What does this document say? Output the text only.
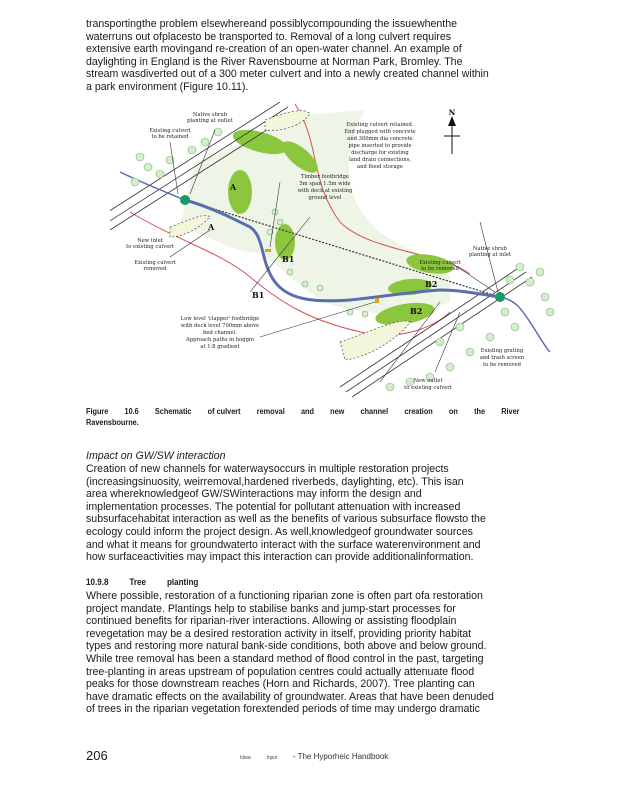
transportingthe problem elsewhereand possiblycompounding the issuewhenthe
waterruns out ofplacesto be transported to. Removal of a long culvert requires
extensive earth movingand re-creation of an open-water channel. An example of
daylighting in England is the River Ravensbourne at Norman Park, Bromley. The
stream wasdiverted out of a 300 meter culvert and into a newly created channel within
a park environment (Figure 10.11).
N
A
A
B1
B1
B2
B2
Native shrub
planting at outlet
Existing culvert
to be retained
Existing culvert retained.
End plugged with concrete
and 300mm dia concrete
pipe inserted to provide
discharge for existing
land drain connections,
and flood storage
Timber footbridge
5m span 1.5m wide
with deck at existing
ground level
New inlet
to existing culvert
Existing culvert
removed
Native shrub
planting at inlet
Existing culvert
to be removed
Low level 'clapper' footbridge
with deck level 700mm above
bed channel.
Approach paths in hoggin
at 1:8 gradient
Existing grating
and trash screen
to be removed
New outlet
to existing culvert
Figure 10.6 Schematic of culvert removal and new channel creation on the River
Ravensbourne.
Impact on GW/SW interaction
Creation of new channels for waterwaysoccurs in multiple restoration projects
(increasingsinuosity, weirremoval,hardened riverbeds, daylighting, etc). This isan
area whereknowledgeof GW/SWinteractions may inform the design and
implementation processes. The potential for pollutant attenuation with increased
subsurfacehabitat interaction as well as the benefits of various subsurface flowsto the
ecology could inform the project design. As well,knowledgeof groundwater sources
and what it means for groundwaterto interact with the surface waterenvironment and
how surfaceactivities may impact this interaction can provide additionalinformation.
10.9.8 Tree planting
Where possible, restoration of a functioning riparian zone is often part ofa restoration
project mandate. Plantings help to stabilise banks and jump-start processes for
continued benefits for riparian-river interactions. Allowing or assisting floodplain
revegetation may be a desired restoration activity in itself, providing priority habitat
types and restoring more natural bank-side conditions, both above and below ground.
While tree removal has been a standard method of flood control in the past, targeting
tree-planting in areas upstream of population centres could actually attenuate flood
peaks for those downstream reaches (Horn and Richards, 2007). Tree planting can
have dramatic effects on the availability of groundwater. Areas that have been denuded
of trees in the riparian vegetation forextended periods of time may undergo dramatic
206	Ideas	Input - The Hyporheic Handbook
